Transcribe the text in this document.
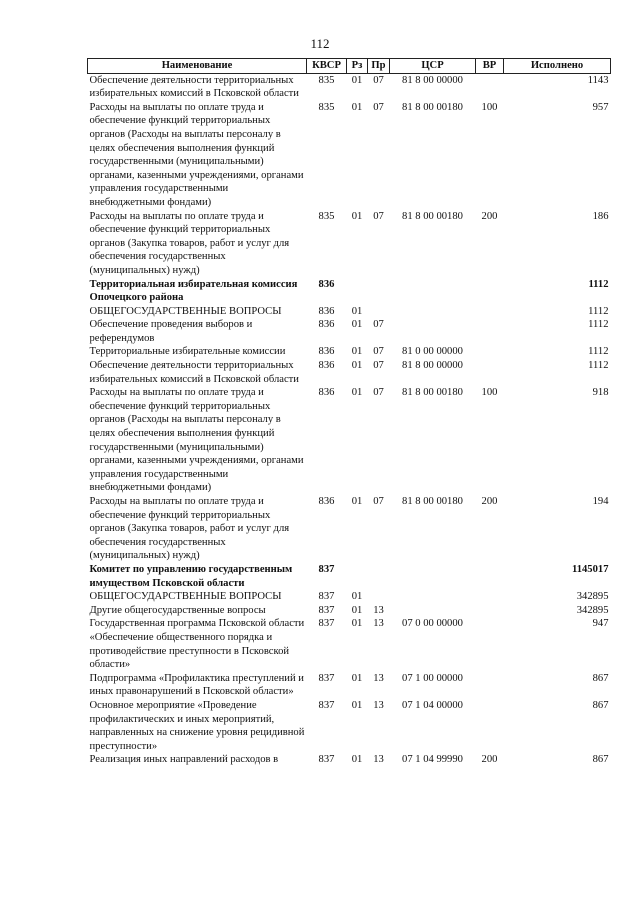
112
Наименование	КВСР	Рз	Пр	ЦСР	ВР	Исполнено
Обеспечение деятельности территориальных избирательных комиссий в Псковской области	835	01	07	81 8 00 00000		1143
Расходы на выплаты по оплате труда и обеспечение функций территориальных органов (Расходы на выплаты персоналу в целях обеспечения выполнения функций государственными (муниципальными) органами, казенными учреждениями, органами управления государственными внебюджетными фондами)	835	01	07	81 8 00 00180	100	957
Расходы на выплаты по оплате труда и обеспечение функций территориальных органов (Закупка товаров, работ и услуг для обеспечения государственных (муниципальных) нужд)	835	01	07	81 8 00 00180	200	186
Территориальная избирательная комиссия Опочецкого района	836					1112
ОБЩЕГОСУДАРСТВЕННЫЕ ВОПРОСЫ	836	01				1112
Обеспечение проведения выборов и референдумов	836	01	07			1112
Территориальные избирательные комиссии	836	01	07	81 0 00 00000		1112
Обеспечение деятельности территориальных избирательных комиссий в Псковской области	836	01	07	81 8 00 00000		1112
Расходы на выплаты по оплате труда и обеспечение функций территориальных органов (Расходы на выплаты персоналу в целях обеспечения выполнения функций государственными (муниципальными) органами, казенными учреждениями, органами управления государственными внебюджетными фондами)	836	01	07	81 8 00 00180	100	918
Расходы на выплаты по оплате труда и обеспечение функций территориальных органов (Закупка товаров, работ и услуг для обеспечения государственных (муниципальных) нужд)	836	01	07	81 8 00 00180	200	194
Комитет по управлению государственным имуществом Псковской области	837					1145017
ОБЩЕГОСУДАРСТВЕННЫЕ ВОПРОСЫ	837	01				342895
Другие общегосударственные вопросы	837	01	13			342895
Государственная программа Псковской области «Обеспечение общественного порядка и противодействие преступности в Псковской области»	837	01	13	07 0 00 00000		947
Подпрограмма «Профилактика преступлений и иных правонарушений в Псковской области»	837	01	13	07 1 00 00000		867
Основное мероприятие «Проведение профилактических и иных мероприятий, направленных на снижение уровня рецидивной преступности»	837	01	13	07 1 04 00000		867
Реализация иных направлений расходов в	837	01	13	07 1 04 99990	200	867
